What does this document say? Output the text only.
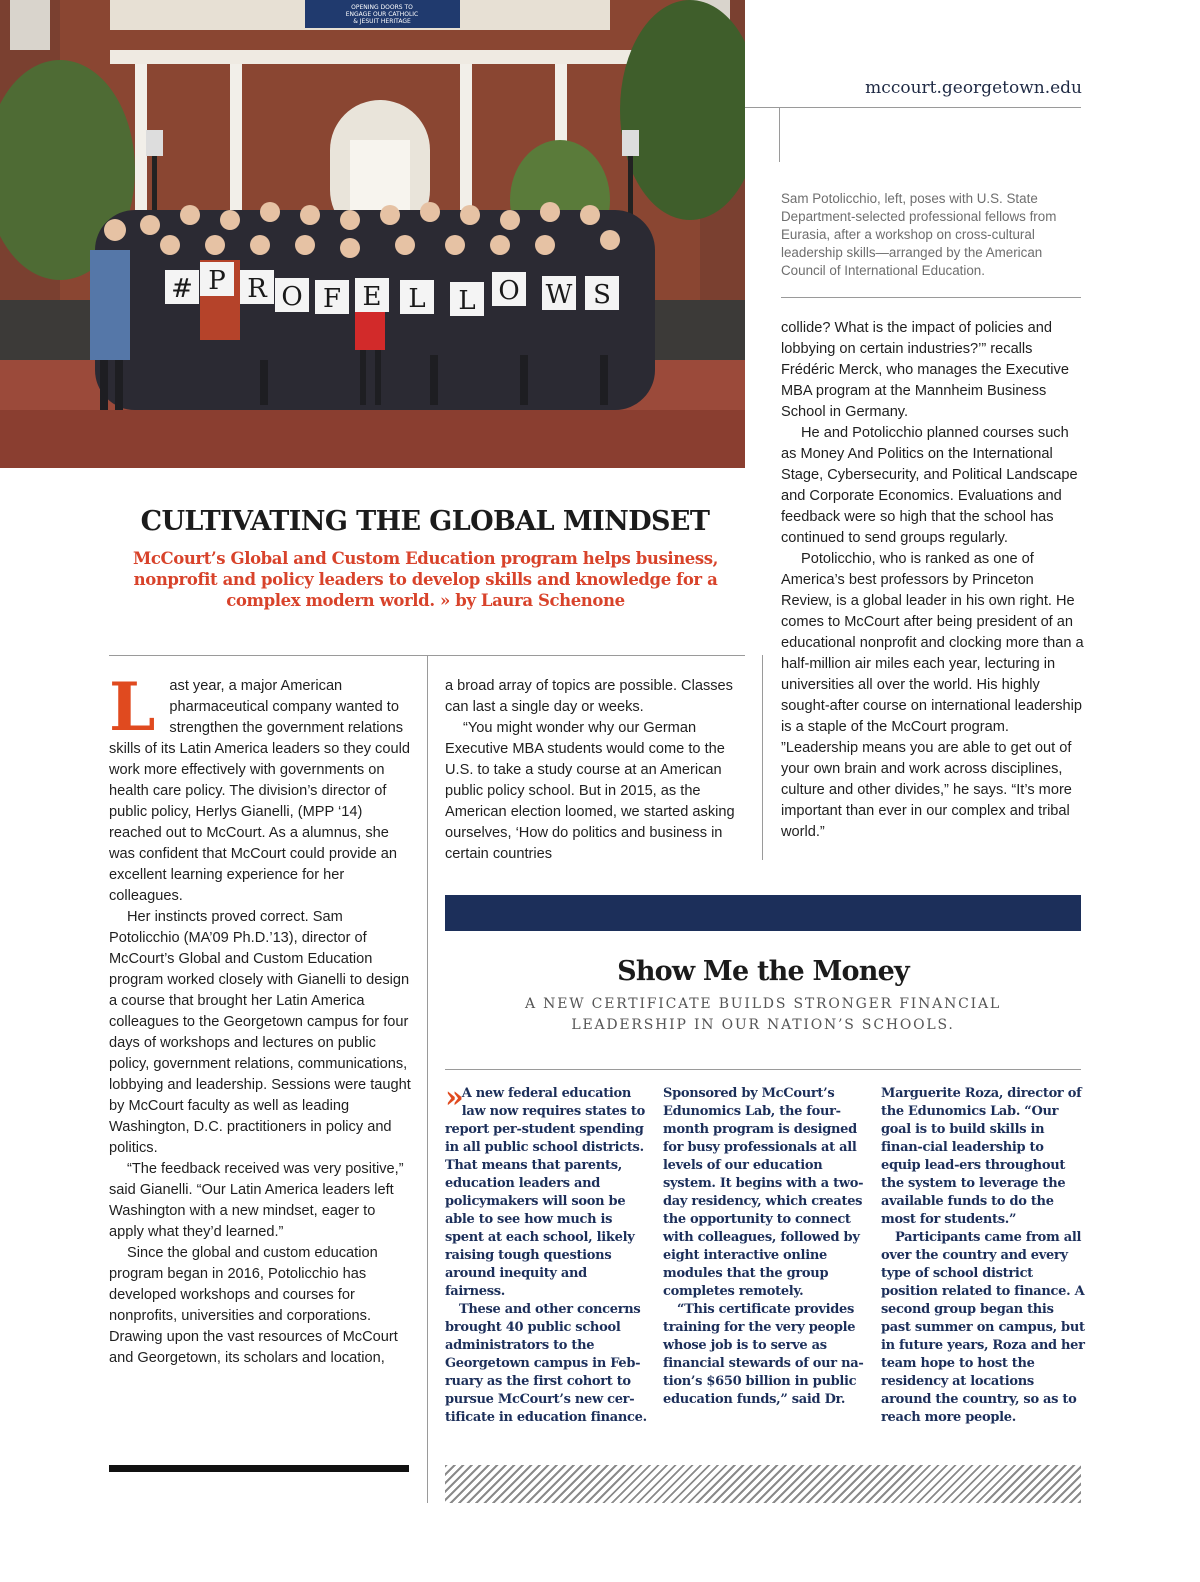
OPENING DOORS TO
ENGAGE OUR CATHOLIC
& JESUIT HERITAGE
# P R O F E L L O W S
mccourt.georgetown.edu
Sam Potolicchio, left, poses with U.S. State Department-selected professional fellows from Eurasia, after a workshop on cross-cultural leadership skills—arranged by the American Council of International Education.

collide? What is the impact of policies and lobbying on certain industries?’” recalls Frédéric Merck, who manages the Executive MBA program at the Mannheim Business School in Germany.

He and Potolicchio planned courses such as Money And Politics on the International Stage, Cybersecurity, and Political Landscape and Corporate Economics. Evaluations and feedback were so high that the school has continued to send groups regularly.

Potolicchio, who is ranked as one of America’s best professors by Princeton Review, is a global leader in his own right. He comes to McCourt after being president of an educational nonprofit and clocking more than a half-million air miles each year, lecturing in universities all over the world. His highly sought-after course on international leadership is a staple of the McCourt program. ”Leadership means you are able to get out of your own brain and work across disciplines, culture and other divides,” he says. “It’s more important than ever in our complex and tribal world.”

CULTIVATING THE GLOBAL MINDSET
McCourt’s Global and Custom Education program helps business, nonprofit and policy leaders to develop skills and knowledge for a complex modern world. » by Laura Schenone

Last year, a major American pharmaceutical company wanted to strengthen the government relations skills of its Latin America leaders so they could work more effectively with governments on health care policy. The division’s director of public policy, Herlys Gianelli, (MPP ‘14) reached out to McCourt. As a alumnus, she was confident that McCourt could provide an excellent learning experience for her colleagues.

Her instincts proved correct. Sam Potolicchio (MA’09 Ph.D.’13), director of McCourt’s Global and Custom Education program worked closely with Gianelli to design a course that brought her Latin America colleagues to the Georgetown campus for four days of workshops and lectures on public policy, government relations, communications, lobbying and leadership. Sessions were taught by McCourt faculty as well as leading Washington, D.C. practitioners in policy and politics.

“The feedback received was very positive,” said Gianelli. “Our Latin America leaders left Washington with a new mindset, eager to apply what they’d learned.”

Since the global and custom education program began in 2016, Potolicchio has developed workshops and courses for nonprofits, universities and corporations. Drawing upon the vast resources of McCourt and Georgetown, its scholars and location,

a broad array of topics are possible. Classes can last a single day or weeks.

“You might wonder why our German Executive MBA students would come to the U.S. to take a study course at an American public policy school. But in 2015, as the American election loomed, we started asking ourselves, ‘How do politics and business in certain countries

Show Me the Money
A NEW CERTIFICATE BUILDS STRONGER FINANCIAL LEADERSHIP IN OUR NATION’S SCHOOLS.

» A new federal education law now requires states to report per-student spending in all public school districts. That means that parents, education leaders and policymakers will soon be able to see how much is spent at each school, likely raising tough questions around inequity and fairness.

These and other concerns brought 40 public school administrators to the Georgetown campus in Feb-ruary as the first cohort to pursue McCourt’s new cer-tificate in education finance.

Sponsored by McCourt’s Edunomics Lab, the four-month program is designed for busy professionals at all levels of our education system. It begins with a two-day residency, which creates the opportunity to connect with colleagues, followed by eight interactive online modules that the group completes remotely.

“This certificate provides training for the very people whose job is to serve as financial stewards of our na-tion’s $650 billion in public education funds,” said Dr.

Marguerite Roza, director of the Edunomics Lab. “Our goal is to build skills in finan-cial leadership to equip lead-ers throughout the system to leverage the available funds to do the most for students.”

Participants came from all over the country and every type of school district position related to finance. A second group began this past summer on campus, but in future years, Roza and her team hope to host the residency at locations around the country, so as to reach more people.
